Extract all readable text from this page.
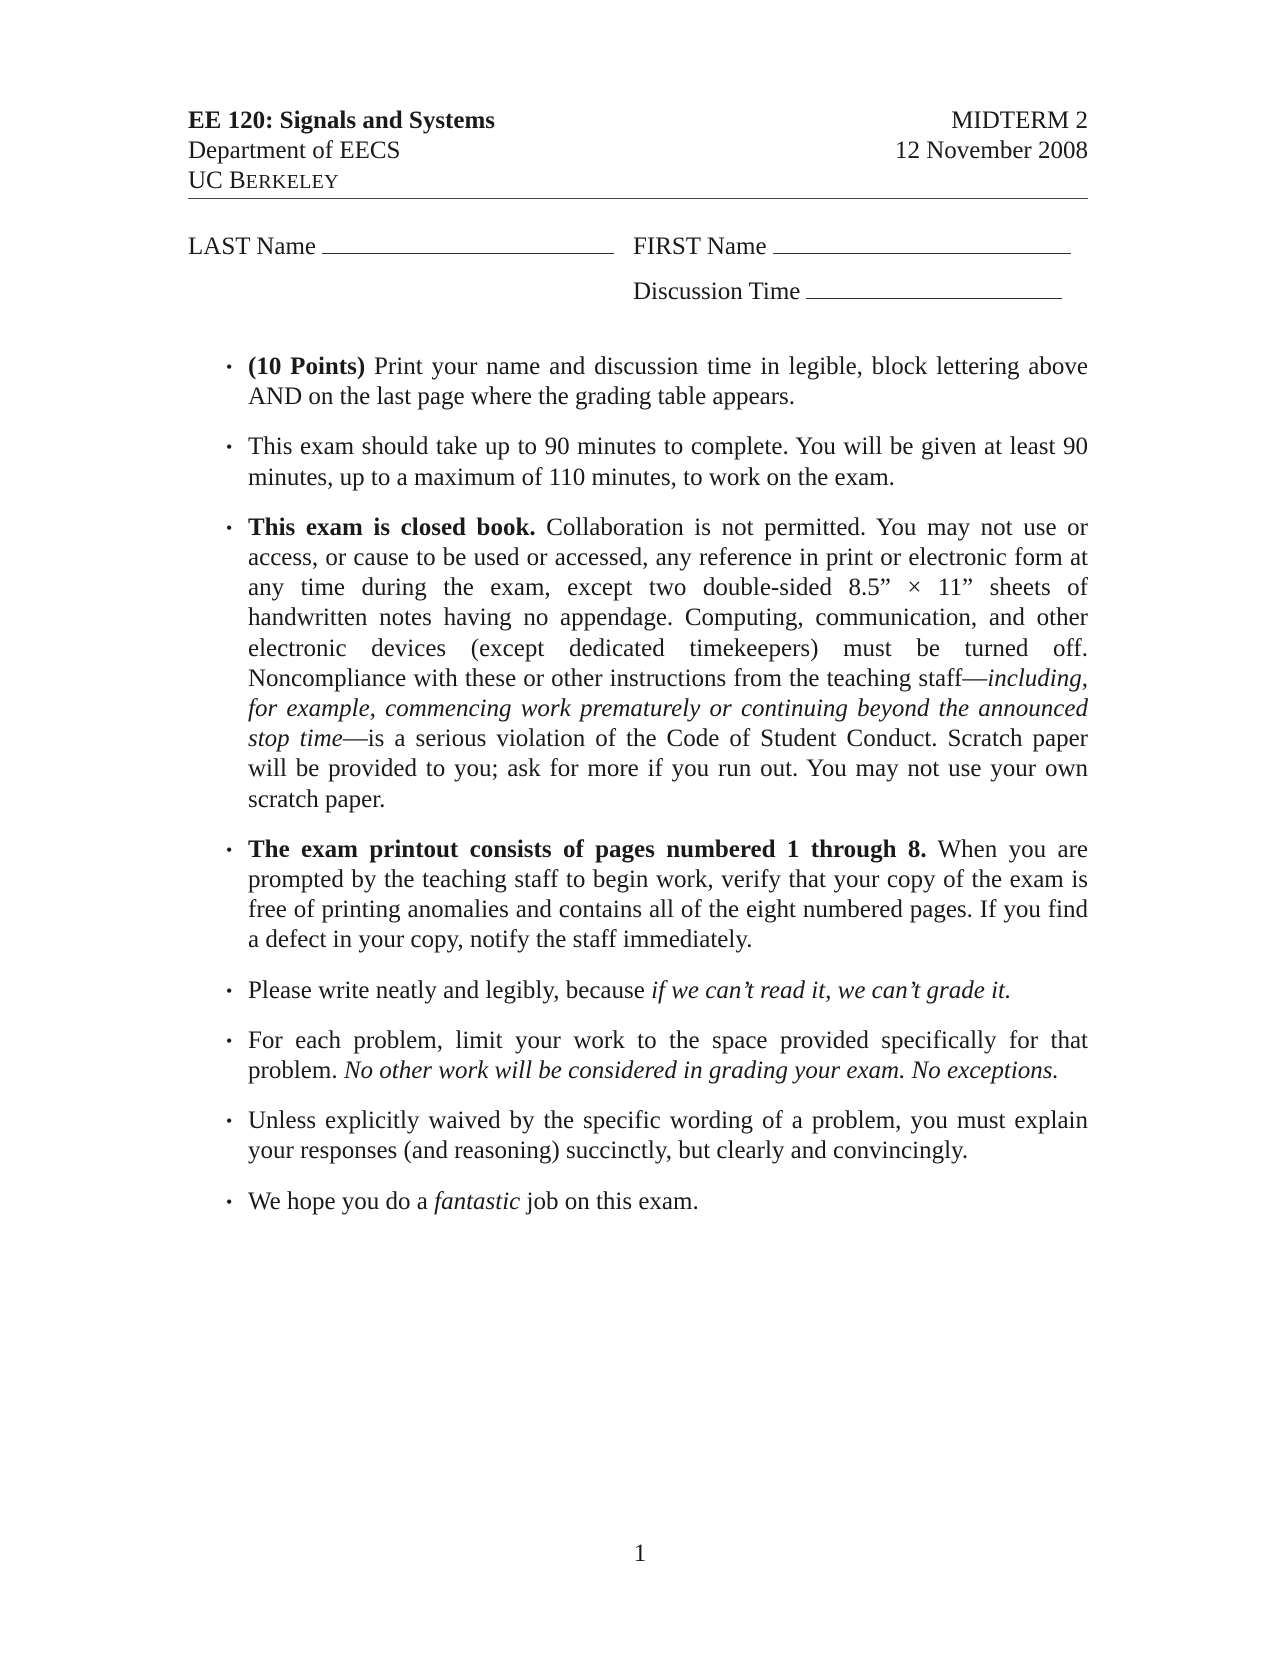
EE 120: Signals and Systems
Department of EECS
UC BERKELEY
MIDTERM 2
12 November 2008
LAST Name	FIRST Name
Discussion Time
• (10 Points) Print your name and discussion time in legible, block lettering above AND on the last page where the grading table appears.
• This exam should take up to 90 minutes to complete. You will be given at least 90 minutes, up to a maximum of 110 minutes, to work on the exam.
• This exam is closed book. Collaboration is not permitted. You may not use or access, or cause to be used or accessed, any reference in print or electronic form at any time during the exam, except two double-sided 8.5” × 11” sheets of handwritten notes having no appendage. Computing, communication, and other electronic devices (except dedicated timekeepers) must be turned off. Noncompliance with these or other instructions from the teaching staff—including, for example, commencing work prematurely or continuing beyond the announced stop time—is a serious violation of the Code of Student Conduct. Scratch paper will be provided to you; ask for more if you run out. You may not use your own scratch paper.
• The exam printout consists of pages numbered 1 through 8. When you are prompted by the teaching staff to begin work, verify that your copy of the exam is free of printing anomalies and contains all of the eight numbered pages. If you find a defect in your copy, notify the staff immediately.
• Please write neatly and legibly, because if we can’t read it, we can’t grade it.
• For each problem, limit your work to the space provided specifically for that problem. No other work will be considered in grading your exam. No exceptions.
• Unless explicitly waived by the specific wording of a problem, you must explain your responses (and reasoning) succinctly, but clearly and convincingly.
• We hope you do a fantastic job on this exam.
1
